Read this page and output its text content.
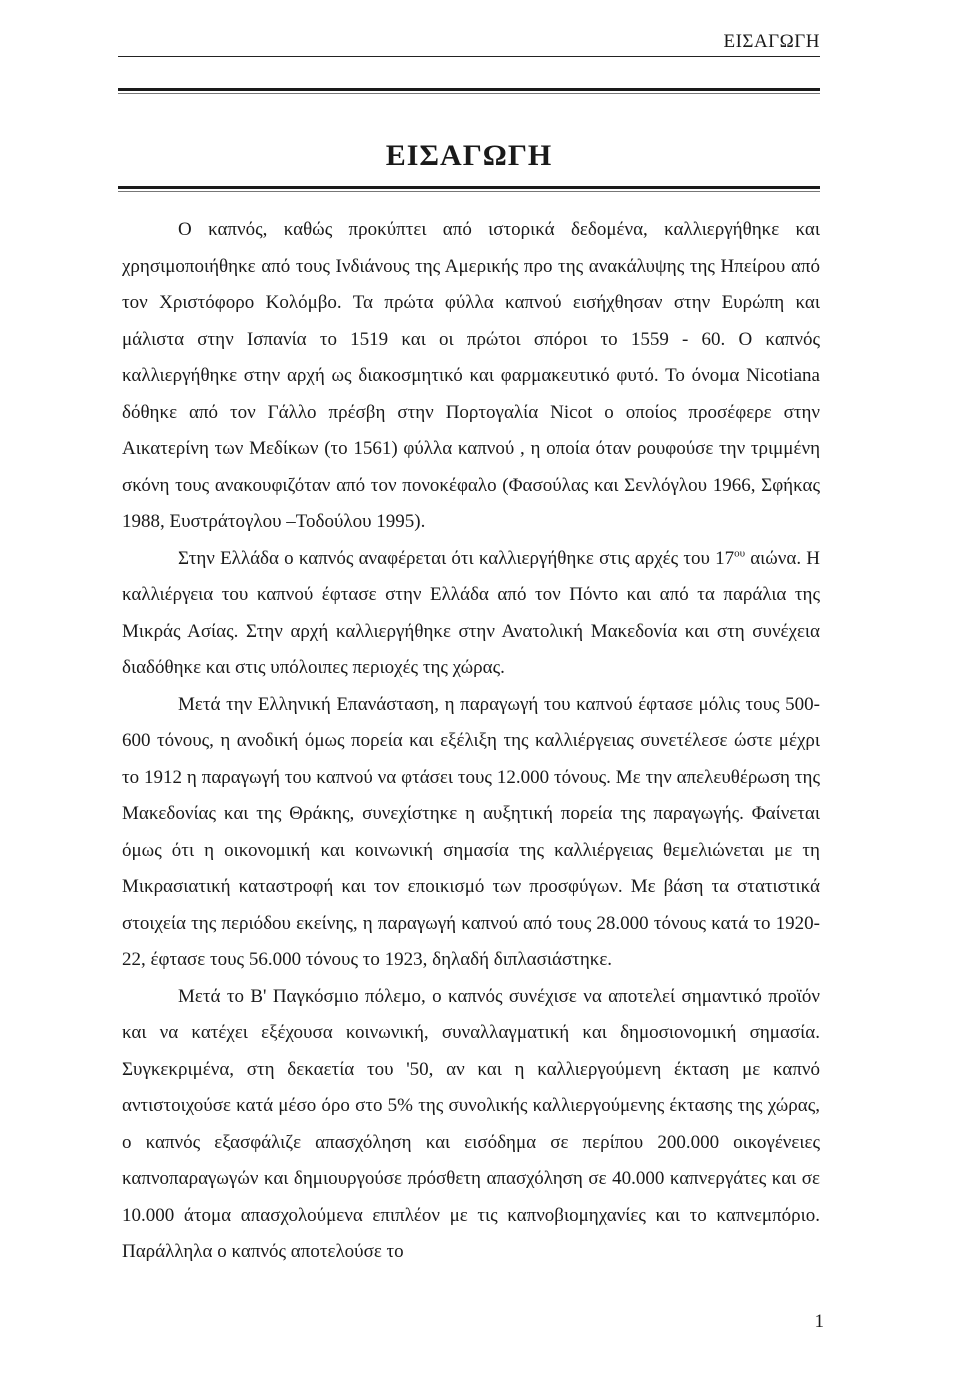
ΕΙΣΑΓΩΓΗ
ΕΙΣΑΓΩΓΗ

Ο καπνός, καθώς προκύπτει από ιστορικά δεδομένα, καλλιεργήθηκε και χρησιμοποιήθηκε από τους Ινδιάνους της Αμερικής προ της ανακάλυψης της Ηπείρου από τον Χριστόφορο Κολόμβο. Τα πρώτα φύλλα καπνού εισήχθησαν στην Ευρώπη και μάλιστα στην Ισπανία το 1519 και οι πρώτοι σπόροι το 1559 - 60. Ο καπνός καλλιεργήθηκε στην αρχή ως διακοσμητικό και φαρμακευτικό φυτό. Το όνομα Nicotiana δόθηκε από τον Γάλλο πρέσβη στην Πορτογαλία Nicot ο οποίος προσέφερε στην Αικατερίνη των Μεδίκων (το 1561) φύλλα καπνού , η οποία όταν ρουφούσε την τριμμένη σκόνη τους ανακουφιζόταν από τον πονοκέφαλο (Φασούλας και Σενλόγλου 1966, Σφήκας 1988, Ευστράτογλου –Τοδούλου 1995).

Στην Ελλάδα ο καπνός αναφέρεται ότι καλλιεργήθηκε στις αρχές του $17^{o\upsilon}$ αιώνα. Η καλλιέργεια του καπνού έφτασε στην Ελλάδα από τον Πόντο και από τα παράλια της Μικράς Ασίας. Στην αρχή καλλιεργήθηκε στην Ανατολική Μακεδονία και στη συνέχεια διαδόθηκε και στις υπόλοιπες περιοχές της χώρας.

Μετά την Ελληνική Επανάσταση, η παραγωγή του καπνού έφτασε μόλις τους 500-600 τόνους, η ανοδική όμως πορεία και εξέλιξη της καλλιέργειας συνετέλεσε ώστε μέχρι το 1912 η παραγωγή του καπνού να φτάσει τους 12.000 τόνους. Με την απελευθέρωση της Μακεδονίας και της Θράκης, συνεχίστηκε η αυξητική πορεία της παραγωγής. Φαίνεται όμως ότι η οικονομική και κοινωνική σημασία της καλλιέργειας θεμελιώνεται με τη Μικρασιατική καταστροφή και τον εποικισμό των προσφύγων. Με βάση τα στατιστικά στοιχεία της περιόδου εκείνης, η παραγωγή καπνού από τους 28.000 τόνους κατά το 1920-22, έφτασε τους 56.000 τόνους το 1923, δηλαδή διπλασιάστηκε.

Μετά το Β' Παγκόσμιο πόλεμο, ο καπνός συνέχισε να αποτελεί σημαντικό προϊόν και να κατέχει εξέχουσα κοινωνική, συναλλαγματική και δημοσιονομική σημασία. Συγκεκριμένα, στη δεκαετία του '50, αν και η καλλιεργούμενη έκταση με καπνό αντιστοιχούσε κατά μέσο όρο στο 5% της συνολικής καλλιεργούμενης έκτασης της χώρας, ο καπνός εξασφάλιζε απασχόληση και εισόδημα σε περίπου 200.000 οικογένειες καπνοπαραγωγών και δημιουργούσε πρόσθετη απασχόληση σε 40.000 καπνεργάτες και σε 10.000 άτομα απασχολούμενα επιπλέον με τις καπνοβιομηχανίες και το καπνεμπόριο. Παράλληλα ο καπνός αποτελούσε το

1
